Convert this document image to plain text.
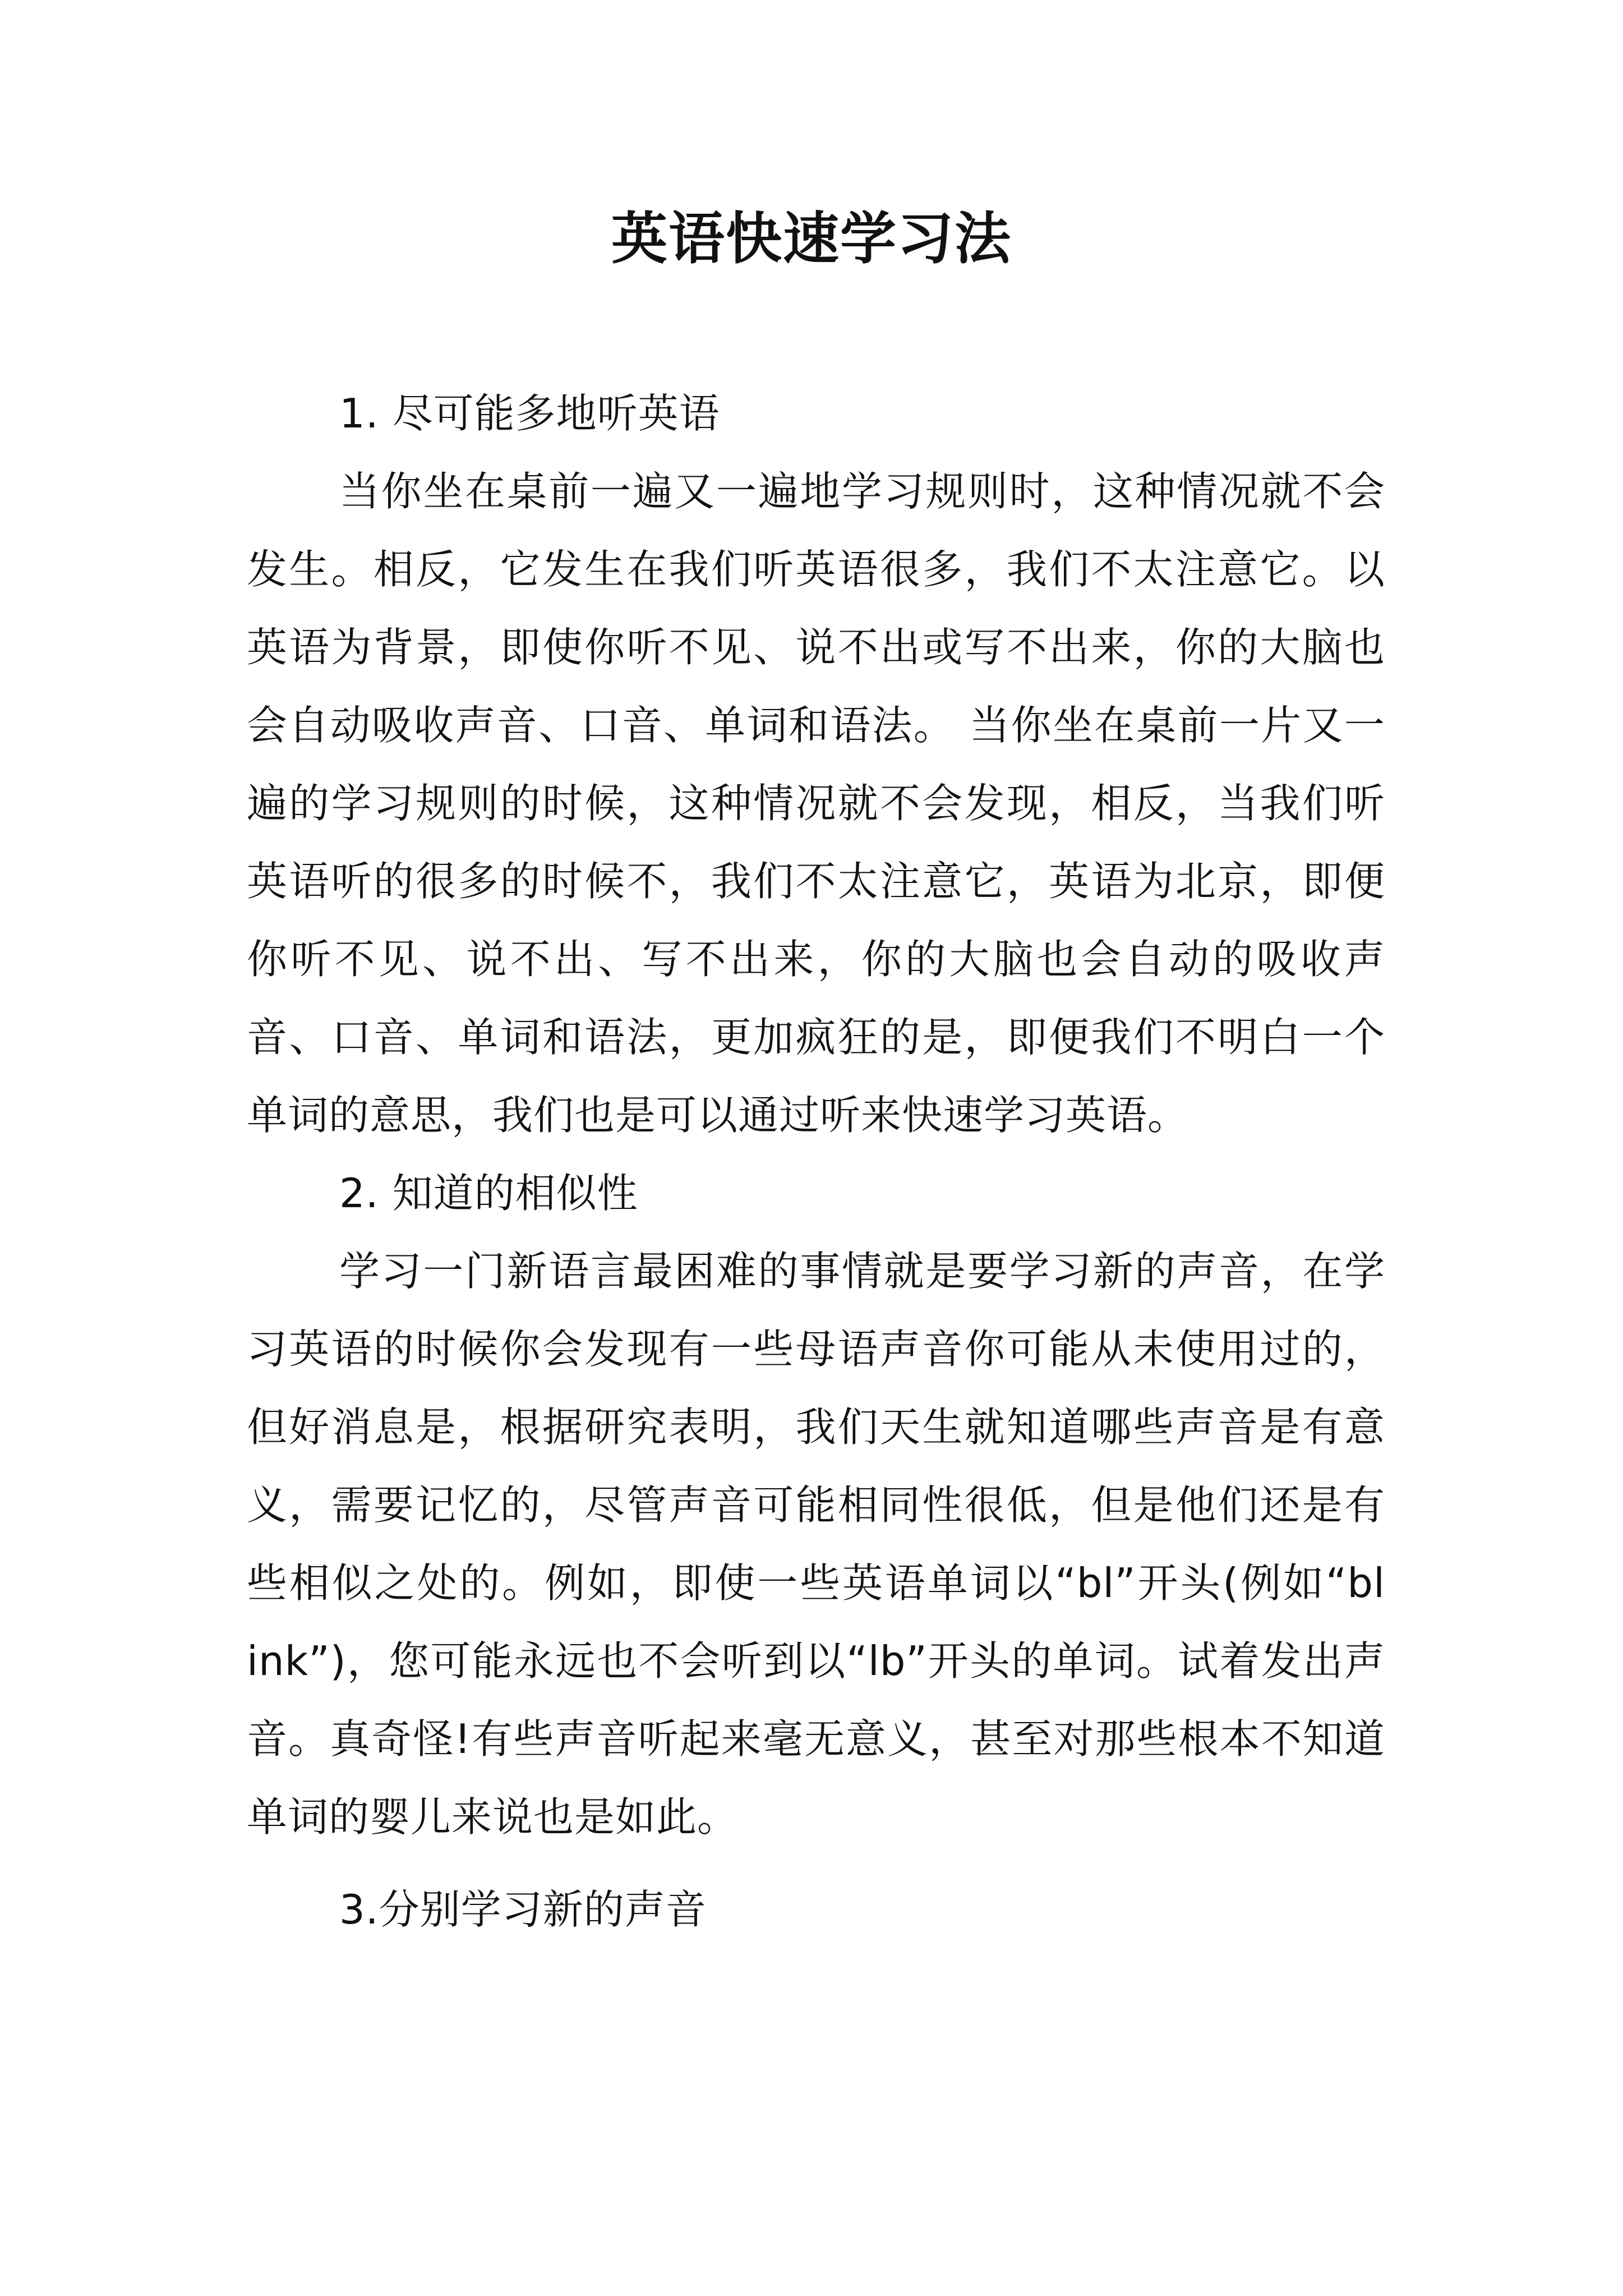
英语快速学习法

1. 尽可能多地听英语

当你坐在桌前一遍又一遍地学习规则时，这种情况就不会发生。相反，它发生在我们听英语很多，我们不太注意它。以英语为背景，即使你听不见、说不出或写不出来，你的大脑也会自动吸收声音、口音、单词和语法。 当你坐在桌前一片又一遍的学习规则的时候，这种情况就不会发现，相反，当我们听英语听的很多的时候不，我们不太注意它，英语为北京，即便你听不见、说不出、写不出来，你的大脑也会自动的吸收声音、口音、单词和语法，更加疯狂的是，即便我们不明白一个单词的意思，我们也是可以通过听来快速学习英语。

2. 知道的相似性

学习一门新语言最困难的事情就是要学习新的声音，在学习英语的时候你会发现有一些母语声音你可能从未使用过的，但好消息是，根据研究表明，我们天生就知道哪些声音是有意义，需要记忆的，尽管声音可能相同性很低，但是他们还是有些相似之处的。例如，即使一些英语单词以“bl”开头(例如“bl ink”)，您可能永远也不会听到以“lb”开头的单词。试着发出声音。真奇怪!有些声音听起来毫无意义，甚至对那些根本不知道单词的婴儿来说也是如此。

3.分别学习新的声音
